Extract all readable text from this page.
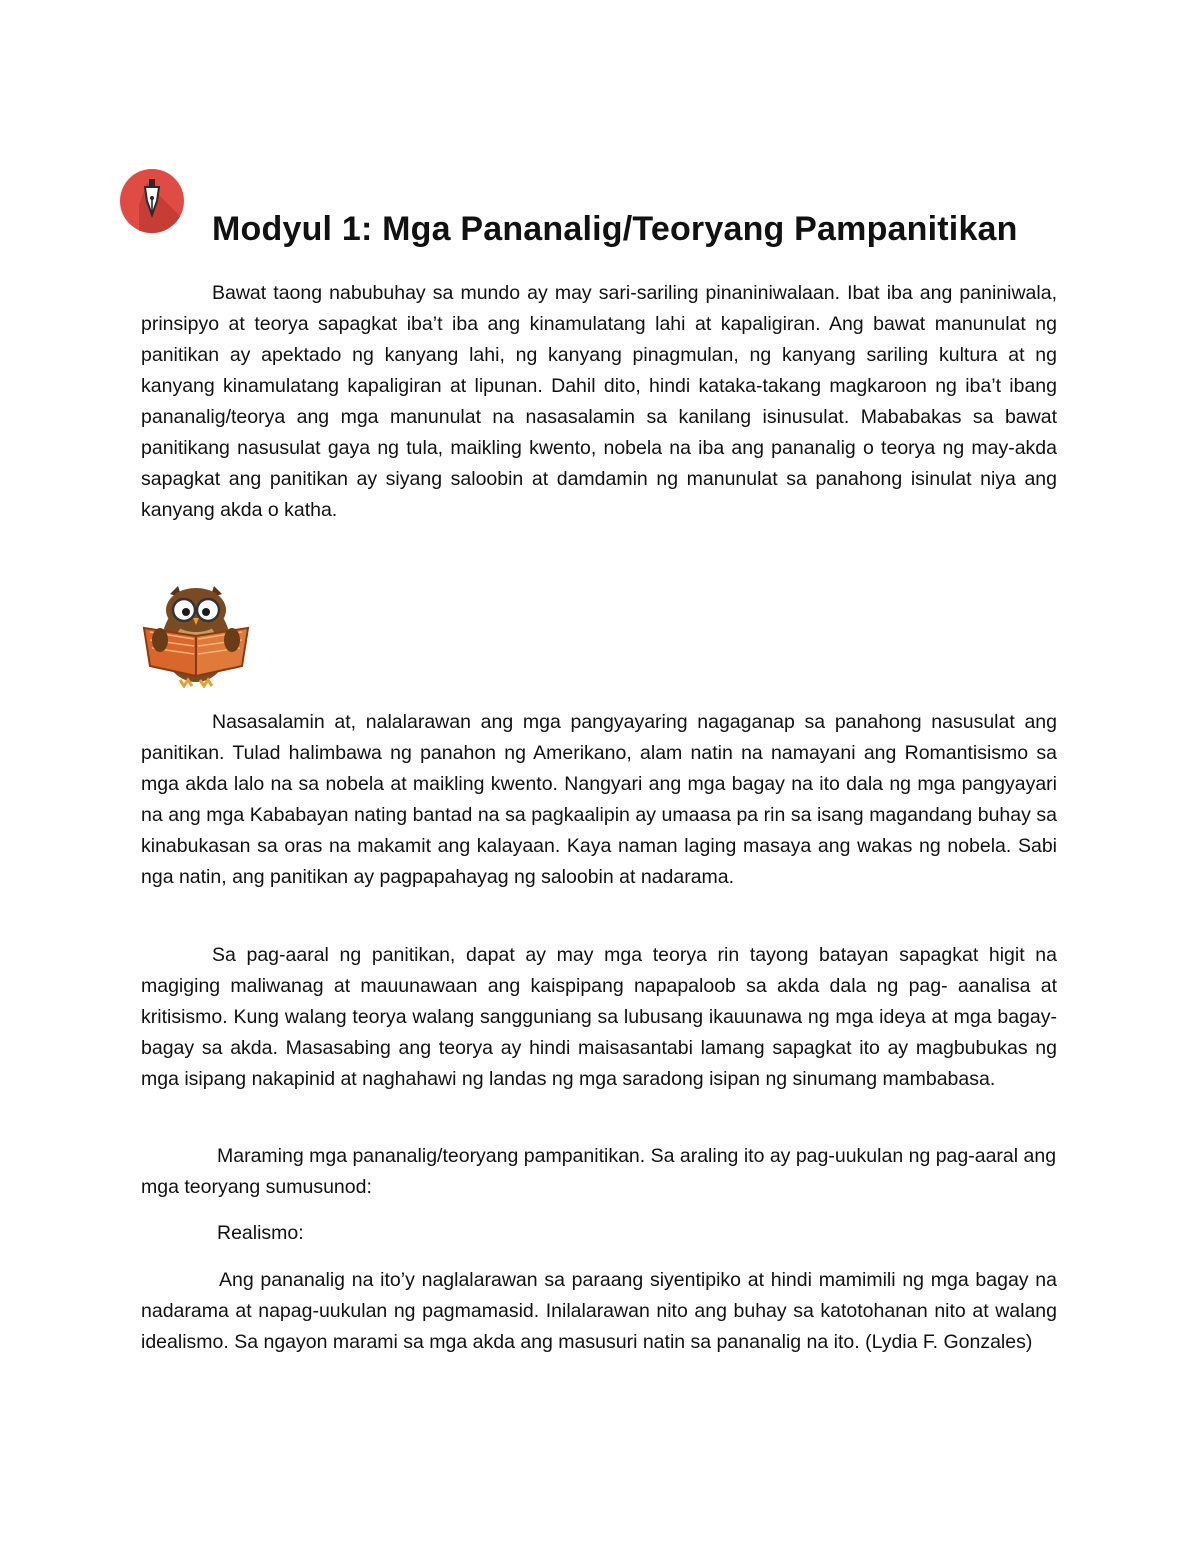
Modyul 1: Mga Pananalig/Teoryang Pampanitikan

Bawat taong nabubuhay sa mundo ay may sari-sariling pinaniniwalaan. Ibat iba ang paniniwala, prinsipyo at teorya sapagkat iba’t iba ang kinamulatang lahi at kapaligiran. Ang bawat manunulat ng panitikan ay apektado ng kanyang lahi, ng kanyang pinagmulan, ng kanyang sariling kultura at ng kanyang kinamulatang kapaligiran at lipunan. Dahil dito, hindi kataka-takang magkaroon ng iba’t ibang pananalig/teorya ang mga manunulat na nasasalamin sa kanilang isinusulat. Mababakas sa bawat panitikang nasusulat gaya ng tula, maikling kwento, nobela na iba ang pananalig o teorya ng may-akda sapagkat ang panitikan ay siyang saloobin at damdamin ng manunulat sa panahong isinulat niya ang kanyang akda o katha.

Nasasalamin at, nalalarawan ang mga pangyayaring nagaganap sa panahong nasusulat ang panitikan. Tulad halimbawa ng panahon ng Amerikano, alam natin na namayani ang Romantisismo sa mga akda lalo na sa nobela at maikling kwento. Nangyari ang mga bagay na ito dala ng mga pangyayari na ang mga Kababayan nating bantad na sa pagkaalipin ay umaasa pa rin sa isang magandang buhay sa kinabukasan sa oras na makamit ang kalayaan. Kaya naman laging masaya ang wakas ng nobela. Sabi nga natin, ang panitikan ay pagpapahayag ng saloobin at nadarama.

Sa pag-aaral ng panitikan, dapat ay may mga teorya rin tayong batayan sapagkat higit na magiging maliwanag at mauunawaan ang kaispipang napapaloob sa akda dala ng pag- aanalisa at kritisismo. Kung walang teorya walang sangguniang sa lubusang ikauunawa ng mga ideya at mga bagay-bagay sa akda. Masasabing ang teorya ay hindi maisasantabi lamang sapagkat ito ay magbubukas ng mga isipang nakapinid at naghahawi ng landas ng mga saradong isipan ng sinumang mambabasa.

Maraming mga pananalig/teoryang pampanitikan. Sa araling ito ay pag-uukulan ng pag-aaral ang mga teoryang sumusunod:

Realismo:

Ang pananalig na ito’y naglalarawan sa paraang siyentipiko at hindi mamimili ng mga bagay na nadarama at napag-uukulan ng pagmamasid. Inilalarawan nito ang buhay sa katotohanan nito at walang idealismo. Sa ngayon marami sa mga akda ang masusuri natin sa pananalig na ito. (Lydia F. Gonzales)
